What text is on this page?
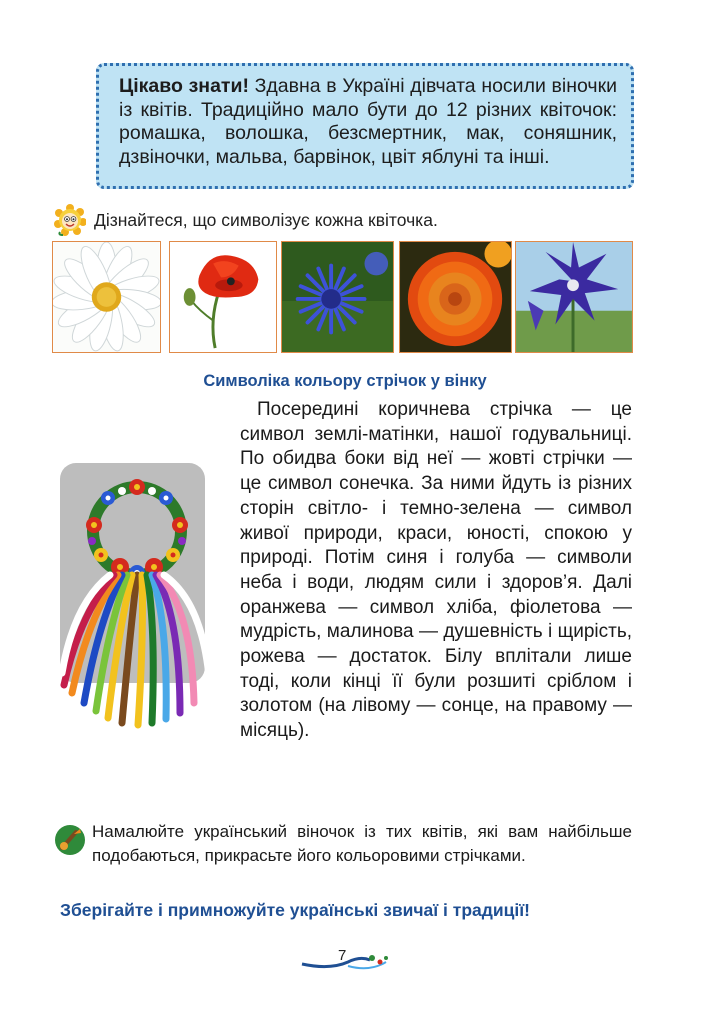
Цікаво знати! Здавна в Україні дівчата носили віночки із квітів. Традиційно мало бути до 12 різних квіточок: ромашка, волошка, безсмертник, мак, соняшник, дзвіночки, мальва, барвінок, цвіт яблуні та інші.

Дізнайтеся, що символізує кожна квіточка.
Символіка кольору стрічок у вінку

Посередині коричнева стрічка — це символ землі-матінки, нашої годувальниці. По обидва боки від неї — жовті стрічки — це символ сонечка. За ними йдуть із різних сторін світло- і темно-зелена — символ живої природи, краси, юності, спокою у природі. Потім синя і голуба — символи неба і води, людям сили і здоров’я. Далі оранжева — символ хліба, фіолетова — мудрість, малинова — душевність і щирість, рожева — достаток. Білу вплітали лише тоді, коли кінці її були розшиті сріблом і золотом (на лівому — сонце, на правому — місяць).

Намалюйте український віночок із тих квітів, які вам найбільше подобаються, прикрасьте його кольоровими стрічками.

Зберігайте і примножуйте українські звичаї і традиції!
7
